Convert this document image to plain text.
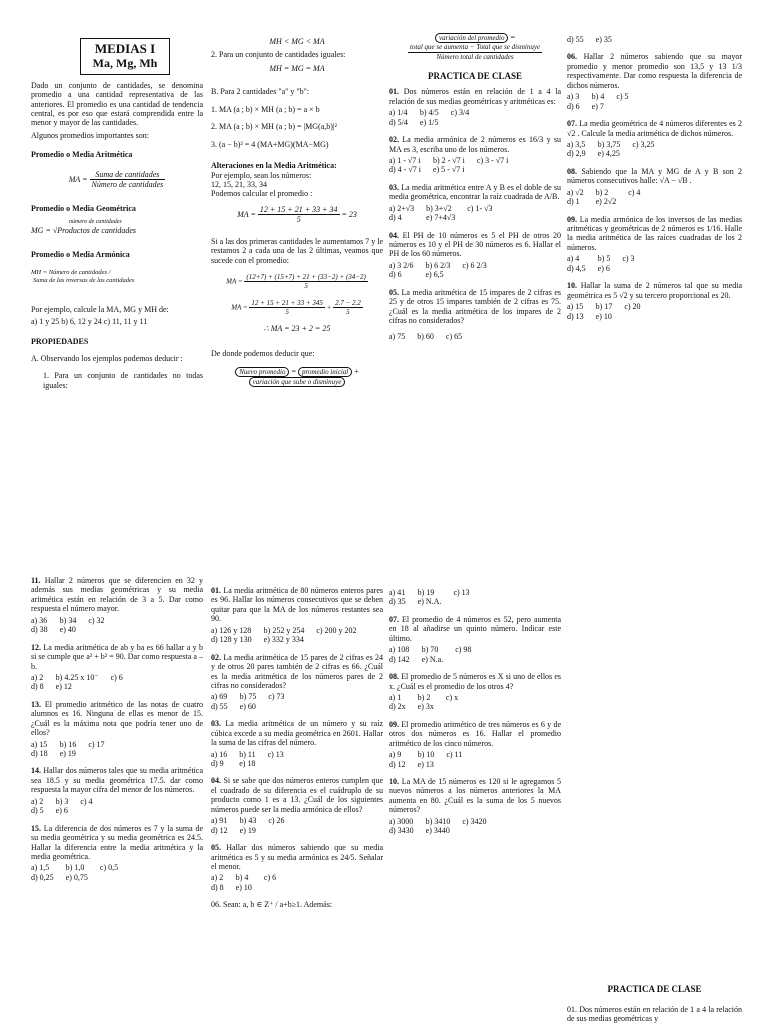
MEDIAS I
Ma, Mg, Mh

Dado un conjunto de cantidades, se denomina promedio a una cantidad representativa de las anteriores. El promedio es una cantidad de tendencia central, es por eso que estará comprendida entre la menor y mayor de las cantidades.

Algunos promedios importantes son:

Promedio o Media Aritmética

MA = $\frac{\text{Suma de cantidades}}{\text{Número de cantidades}}$

Promedio o Media Geométrica

número de cantidades
MG = √Productos de cantidades

Promedio o Media Armónica

MH = Número de cantidades /
Suma de las inversas de las cantidades

Por ejemplo, calcule la MA, MG y MH de:

a) 1 y 25 b) 6, 12 y 24 c) 11, 11 y 11

PROPIEDADES

A. Observando los ejemplos podemos deducir :

1. Para un conjunto de cantidades no todas iguales:

MH < MG < MA

2. Para un conjunto de cantidades iguales:

MH = MG = MA

B. Para 2 cantidades "a" y "b":

1. MA (a ; b) × MH (a ; b) = a × b

2. MA (a ; b) × MH (a ; b) = |MG(a,b)|²

3. (a − b)² = 4 (MA+MG)(MA−MG)

Alteraciones en la Media Aritmética:

Por ejemplo, sean los números:

12, 15, 21, 33, 34

Podemos calcular el promedio :

MA = $\frac{12 + 15 + 21 + 33 + 34}{5} = 23$

Si a las dos primeras cantidades le aumentamos 7 y le restamos 2 a cada una de las 2 últimas, veamos que sucede con el promedio:

MA = $\frac{(12+7) + (15+7) + 21 + (33-2) + (34-2)}{5}$
MA = $\frac{12 + 15 + 21 + 33 + 345}{5} + \frac{2.7 - 2.2}{5}$
∴ MA = 23 + 2 = 25

De donde podemos deducir que:

Nuevo promedio = promedio inicial + variación que sube o disminuye
variación del promedio =
total que se aumenta − Total que se disminuye
Número total de cantidades
PRACTICA DE CLASE
01. Dos números están en relación de 1 a 4 la relación de sus medias geométricas y aritméticas es:
a) 1/4 b) 4/5 c) 3/4
d) 5/4 e) 1/5
02. La media armónica de 2 números es 16/3 y su MA es 3, escriba uno de los números.
a) 1 - √7 i b) 2 - √7 i c) 3 - √7 i
d) 4 - √7 i e) 5 - √7 i
03. La media aritmética entre A y B es el doble de su media geométrica, encontrar la raíz cuadrada de A/B.
a) 2+√3 b) 3+√2	c) 1- √3
d) 4	e) 7+4√3
04. El PH de 10 números es 5 el PH de otros 20 números es 10 y el PH de 30 números es 6. Hallar el PH de los 60 números.
a) 3 2/6 b) 6 2/3 c) 6 2/3
d) 6	e) 6,5
05. La media aritmética de 15 impares de 2 cifras es 25 y de otros 15 impares también de 2 cifras es 75. ¿Cuál es la media aritmética de los impares de 2 cifras no considerados?
a) 75 b) 60 c) 65
d) 55 e) 35
06. Hallar 2 números sabiendo que su mayor promedio y menor promedio son 13,5 y 13 1/3 respectivamente. Dar como respuesta la diferencia de dichos números.
a) 3 b) 4 c) 5
d) 6 e) 7
07. La media geométrica de 4 números diferentes es 2 √2 . Calcule la media aritmética de dichos números.
a) 3,5 b) 3,75 c) 3,25
d) 2,9 e) 4,25
08. Sabiendo que la MA y MG de A y B son 2 números consecutivos halle: √A − √B .
a) √2 b) 2	c) 4
d) 1	e) 2√2
09. La media armónica de los inversos de las medias aritméticas y geométricas de 2 números es 1/16. Halle la media aritmética de las raíces cuadradas de los 2 números.
a) 4	b) 5 c) 3
d) 4,5 e) 6
10. Hallar la suma de 2 números tal que su media geométrica es 5 √2 y su tercero proporcional es 20.
a) 15 b) 17 c) 20
d) 13 e) 10
11. Hallar 2 números que se diferencien en 32 y además sus medias geométricas y su media aritmética están en relación de 3 a 5. Dar como respuesta el número mayor.
a) 36 b) 34 c) 32
d) 38 e) 40
12. La media aritmética de ab y ba es 66 hallar a y b si se cumple que a² + b² = 90. Dar como respuesta a – b.
a) 2 b) 4.25 x 10⁻ c) 6
d) 8 e) 12
13. El promedio aritmético de las notas de cuatro alumnos es 16. Ninguna de ellas es menor de 15. ¿Cuál es la máxima nota que podría tener uno de ellos?
a) 15 b) 16 c) 17
d) 18 e) 19
14. Hallar dos números tales que su media aritmética sea 18.5 y su media geométrica 17.5. dar como respuesta la mayor cifra del menor de los números.
a) 2 b) 3 c) 4
d) 5 e) 6
15. La diferencia de dos números es 7 y la suma de su media geométrica y su media geométrica es 24.5. Hallar la diferencia entre la media aritmética y la media geométrica.
a) 1,5	b) 1,0	c) 0,5
d) 0,25 e) 0,75
01. La media aritmética de 80 números enteros pares es 96. Hallar los números consecutivos que se deben quitar para que la MA de los números restantes sea 90.
a) 126 y 128 b) 252 y 254 c) 200 y 202
d) 128 y 130 e) 332 y 334
02. La media aritmética de 15 pares de 2 cifras es 24 y de otros 20 pares también de 2 cifras es 66. ¿Cuál es la media aritmética de los números pares de 2 cifras no considerados?
a) 69 b) 75 c) 73
d) 55 e) 60
03. La media aritmética de un número y su raíz cúbica excede a su media geométrica en 2601. Hallar la suma de las cifras del número.
a) 16 b) 11 c) 13
d) 9	e) 18
04. Si se sabe que dos números enteros cumplen que el cuadrado de su diferencia es el cuádruplo de su producto como 1 es a 13. ¿Cuál de los siguientes números puede ser la media armónica de ellos?
a) 91 b) 43 c) 26
d) 12 e) 19
05. Hallar dos números sabiendo que su media aritmética es 5 y su media armónica es 24/5. Señalar el menor.
a) 2 b) 4	c) 6
d) 8 e) 10
06. Sean: a, b ∈ Z⁺ / a+b≥1. Además:
a) 41 b) 19	c) 13
d) 35 e) N.A.
07. El promedio de 4 números es 52, pero aumenta en 18 al añadirse un quinto número. Indicar este último.
a) 108 b) 70	c) 98
d) 142 e) N.a.
08. El promedio de 5 números es X si uno de ellos es x. ¿Cuál es el promedio de los otros 4?
a) 1	b) 2	c) x
d) 2x e) 3x
09. El promedio aritmético de tres números es 6 y de otros dos números es 16. Hallar el promedio aritmético de los cinco números.
a) 9	b) 10 c) 11
d) 12 e) 13
10. La MA de 15 números es 120 si le agregamos 5 nuevos números a los números anteriores la MA aumenta en 80. ¿Cuál es la suma de los 5 nuevos números?
a) 3000 b) 3410 c) 3420
d) 3430 e) 3440
PRACTICA DE CLASE
01. Dos números están en relación de 1 a 4 la relación de sus medias geométricas y
